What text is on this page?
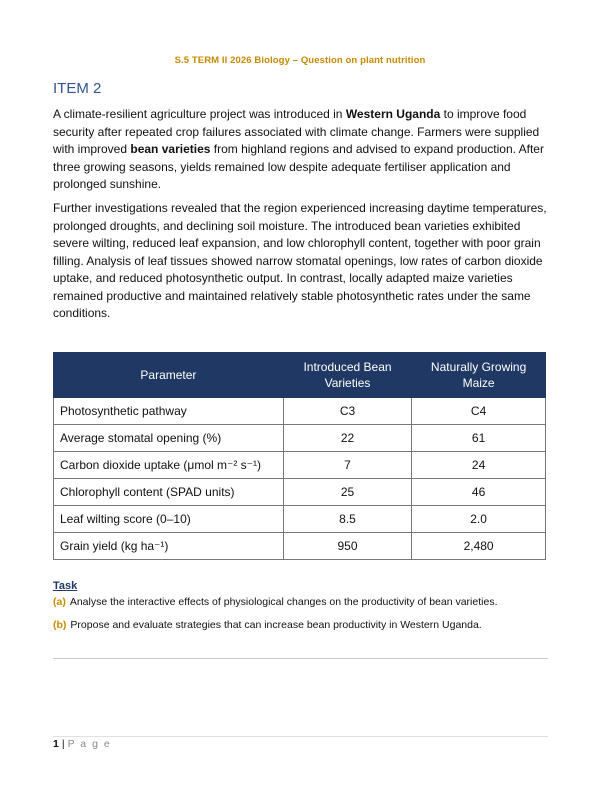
S.5 TERM II 2026 Biology – Question on plant nutrition
ITEM 2
A climate-resilient agriculture project was introduced in Western Uganda to improve food security after repeated crop failures associated with climate change. Farmers were supplied with improved bean varieties from highland regions and advised to expand production. After three growing seasons, yields remained low despite adequate fertiliser application and prolonged sunshine.
Further investigations revealed that the region experienced increasing daytime temperatures, prolonged droughts, and declining soil moisture. The introduced bean varieties exhibited severe wilting, reduced leaf expansion, and low chlorophyll content, together with poor grain filling. Analysis of leaf tissues showed narrow stomatal openings, low rates of carbon dioxide uptake, and reduced photosynthetic output. In contrast, locally adapted maize varieties remained productive and maintained relatively stable photosynthetic rates under the same conditions.
Parameter	Introduced Bean Varieties	Naturally Growing Maize
Photosynthetic pathway	C3	C4
Average stomatal opening (%)	22	61
Carbon dioxide uptake (μmol m⁻² s⁻¹)	7	24
Chlorophyll content (SPAD units)	25	46
Leaf wilting score (0–10)	8.5	2.0
Grain yield (kg ha⁻¹)	950	2,480
Task
(a) Analyse the interactive effects of physiological changes on the productivity of bean varieties.
(b) Propose and evaluate strategies that can increase bean productivity in Western Uganda.
1 | P a g e
